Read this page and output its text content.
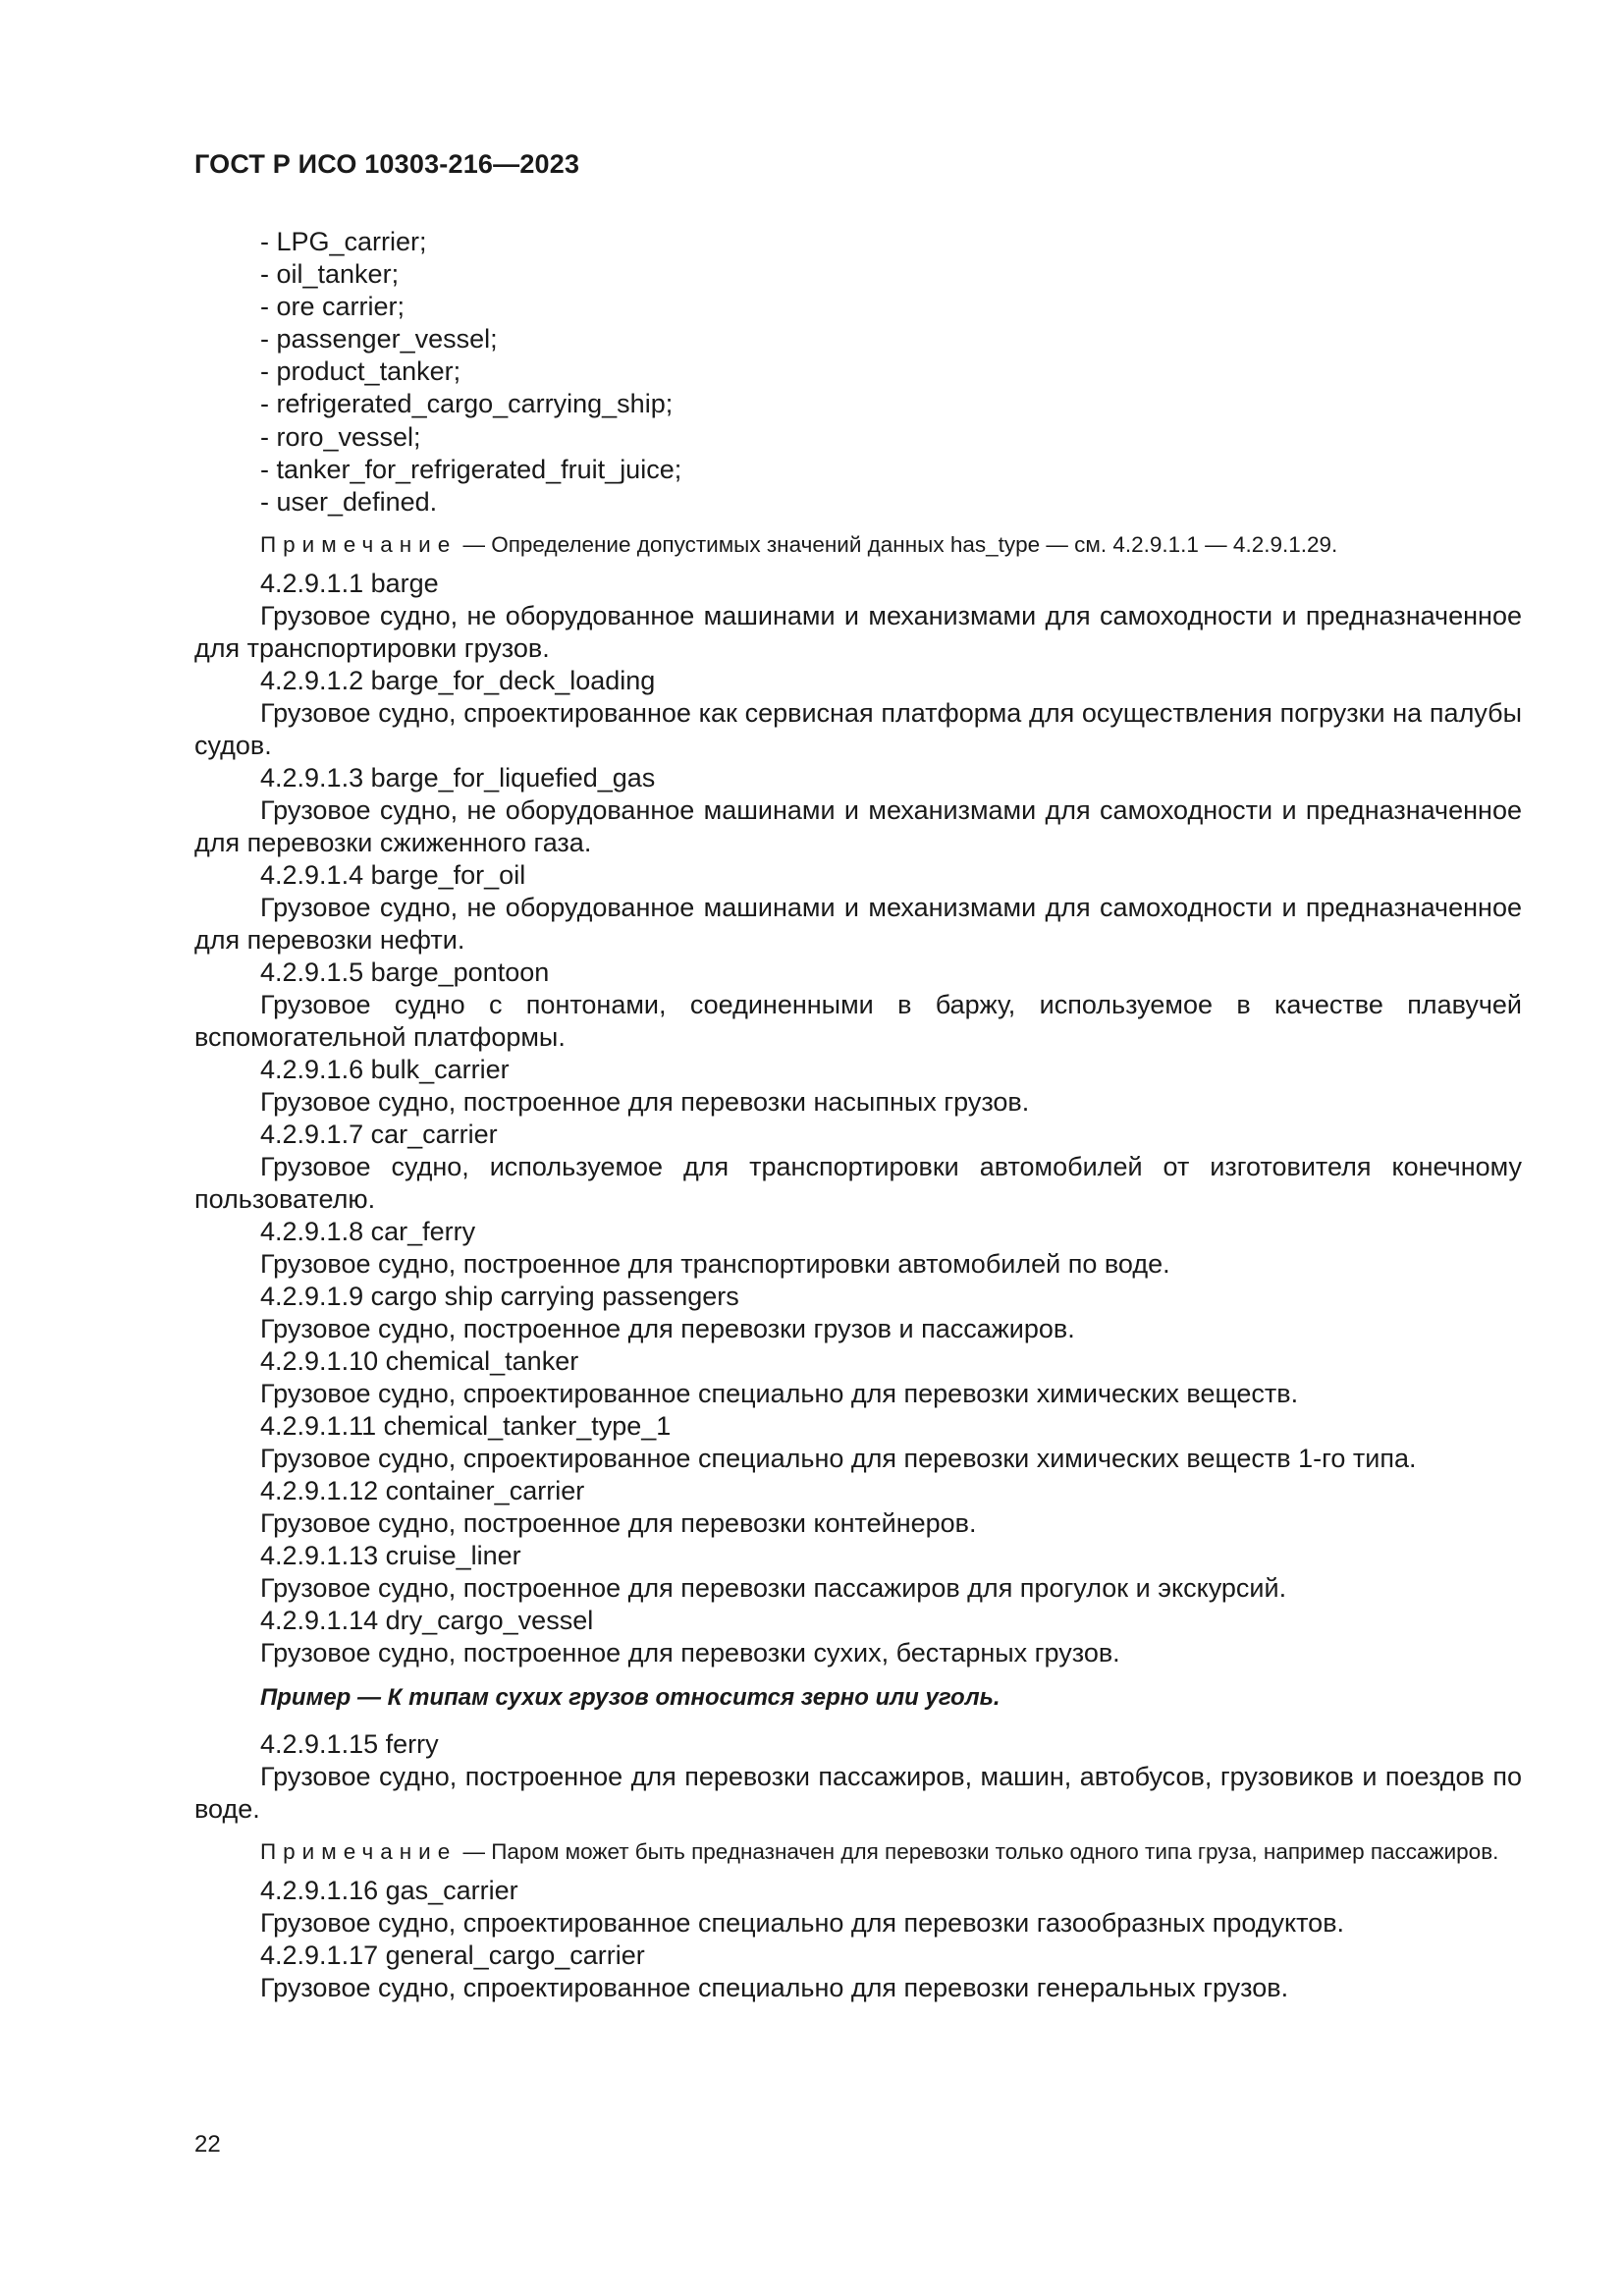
ГОСТ Р ИСО 10303-216—2023
- LPG_carrier;
- oil_tanker;
- ore carrier;
- passenger_vessel;
- product_tanker;
- refrigerated_cargo_carrying_ship;
- roro_vessel;
- tanker_for_refrigerated_fruit_juice;
- user_defined.

Примечание — Определение допустимых значений данных has_type — см. 4.2.9.1.1 — 4.2.9.1.29.

4.2.9.1.1 barge

Грузовое судно, не оборудованное машинами и механизмами для самоходности и предназначенное для транспортировки грузов.

4.2.9.1.2 barge_for_deck_loading

Грузовое судно, спроектированное как сервисная платформа для осуществления погрузки на палубы судов.

4.2.9.1.3 barge_for_liquefied_gas

Грузовое судно, не оборудованное машинами и механизмами для самоходности и предназначенное для перевозки сжиженного газа.

4.2.9.1.4 barge_for_oil

Грузовое судно, не оборудованное машинами и механизмами для самоходности и предназначенное для перевозки нефти.

4.2.9.1.5 barge_pontoon

Грузовое судно с понтонами, соединенными в баржу, используемое в качестве плавучей вспомогательной платформы.

4.2.9.1.6 bulk_carrier

Грузовое судно, построенное для перевозки насыпных грузов.

4.2.9.1.7 car_carrier

Грузовое судно, используемое для транспортировки автомобилей от изготовителя конечному пользователю.

4.2.9.1.8 car_ferry

Грузовое судно, построенное для транспортировки автомобилей по воде.

4.2.9.1.9 cargo ship carrying passengers

Грузовое судно, построенное для перевозки грузов и пассажиров.

4.2.9.1.10 chemical_tanker

Грузовое судно, спроектированное специально для перевозки химических веществ.

4.2.9.1.11 chemical_tanker_type_1

Грузовое судно, спроектированное специально для перевозки химических веществ 1-го типа.

4.2.9.1.12 container_carrier

Грузовое судно, построенное для перевозки контейнеров.

4.2.9.1.13 cruise_liner

Грузовое судно, построенное для перевозки пассажиров для прогулок и экскурсий.

4.2.9.1.14 dry_cargo_vessel

Грузовое судно, построенное для перевозки сухих, бестарных грузов.

Пример — К типам сухих грузов относится зерно или уголь.

4.2.9.1.15 ferry

Грузовое судно, построенное для перевозки пассажиров, машин, автобусов, грузовиков и поездов по воде.

Примечание — Паром может быть предназначен для перевозки только одного типа груза, например пассажиров.

4.2.9.1.16 gas_carrier

Грузовое судно, спроектированное специально для перевозки газообразных продуктов.

4.2.9.1.17 general_cargo_carrier

Грузовое судно, спроектированное специально для перевозки генеральных грузов.

22
